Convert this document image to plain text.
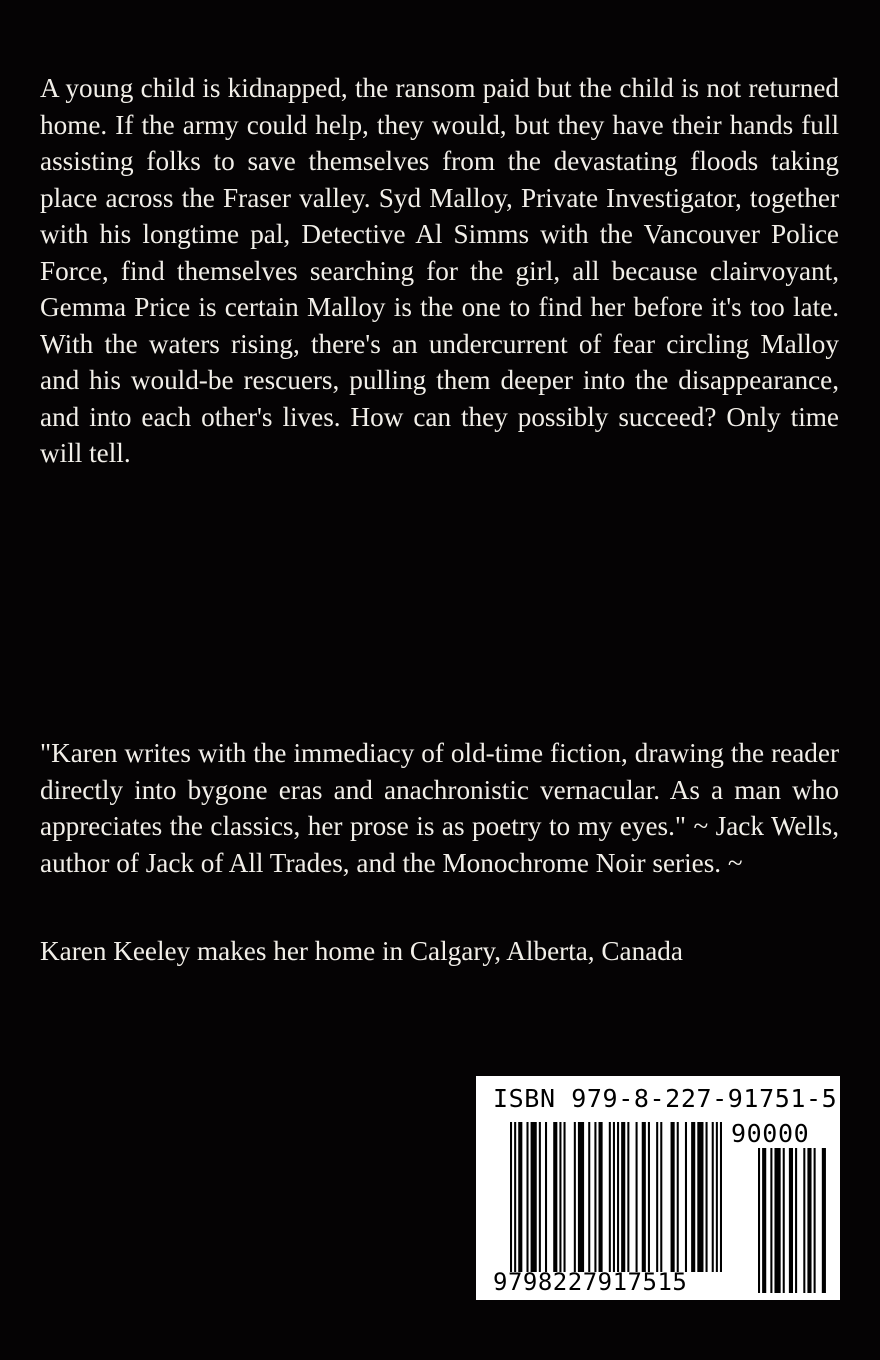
A young child is kidnapped, the ransom paid but the child is not returned home. If the army could help, they would, but they have their hands full assisting folks to save themselves from the devastating floods taking place across the Fraser valley. Syd Malloy, Private Investigator, together with his longtime pal, Detective Al Simms with the Vancouver Police Force, find themselves searching for the girl, all because clairvoyant, Gemma Price is certain Malloy is the one to find her before it's too late. With the waters rising, there's an undercurrent of fear circling Malloy and his would-be rescuers, pulling them deeper into the disappearance, and into each other's lives. How can they possibly succeed? Only time will tell.

"Karen writes with the immediacy of old-time fiction, drawing the reader directly into bygone eras and anachronistic vernacular. As a man who appreciates the classics, her prose is as poetry to my eyes." ~ Jack Wells, author of Jack of All Trades, and the Monochrome Noir series. ~

Karen Keeley makes her home in Calgary, Alberta, Canada

ISBN 979-8-227-91751-5
90000
9798227917515
